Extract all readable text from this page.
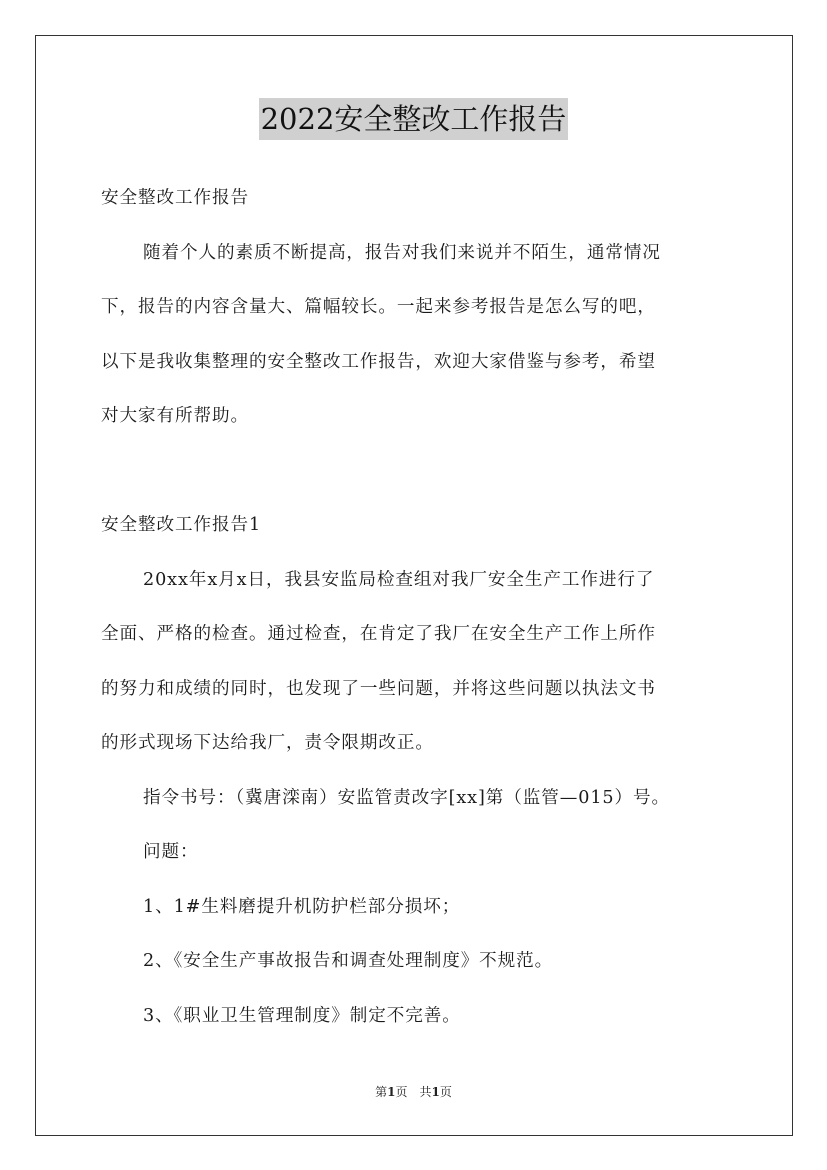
2022安全整改工作报告
安全整改工作报告
随着个人的素质不断提高，报告对我们来说并不陌生，通常情况
下，报告的内容含量大、篇幅较长。一起来参考报告是怎么写的吧，
以下是我收集整理的安全整改工作报告，欢迎大家借鉴与参考，希望
对大家有所帮助。
安全整改工作报告1
20xx年x月x日，我县安监局检查组对我厂安全生产工作进行了
全面、严格的检查。通过检查，在肯定了我厂在安全生产工作上所作
的努力和成绩的同时，也发现了一些问题，并将这些问题以执法文书
的形式现场下达给我厂，责令限期改正。
指令书号：（冀唐滦南）安监管责改字[xx]第（监管—015）号。
问题：
1、1#生料磨提升机防护栏部分损坏；
2、《安全生产事故报告和调查处理制度》不规范。
3、《职业卫生管理制度》制定不完善。
第1页　共1页
